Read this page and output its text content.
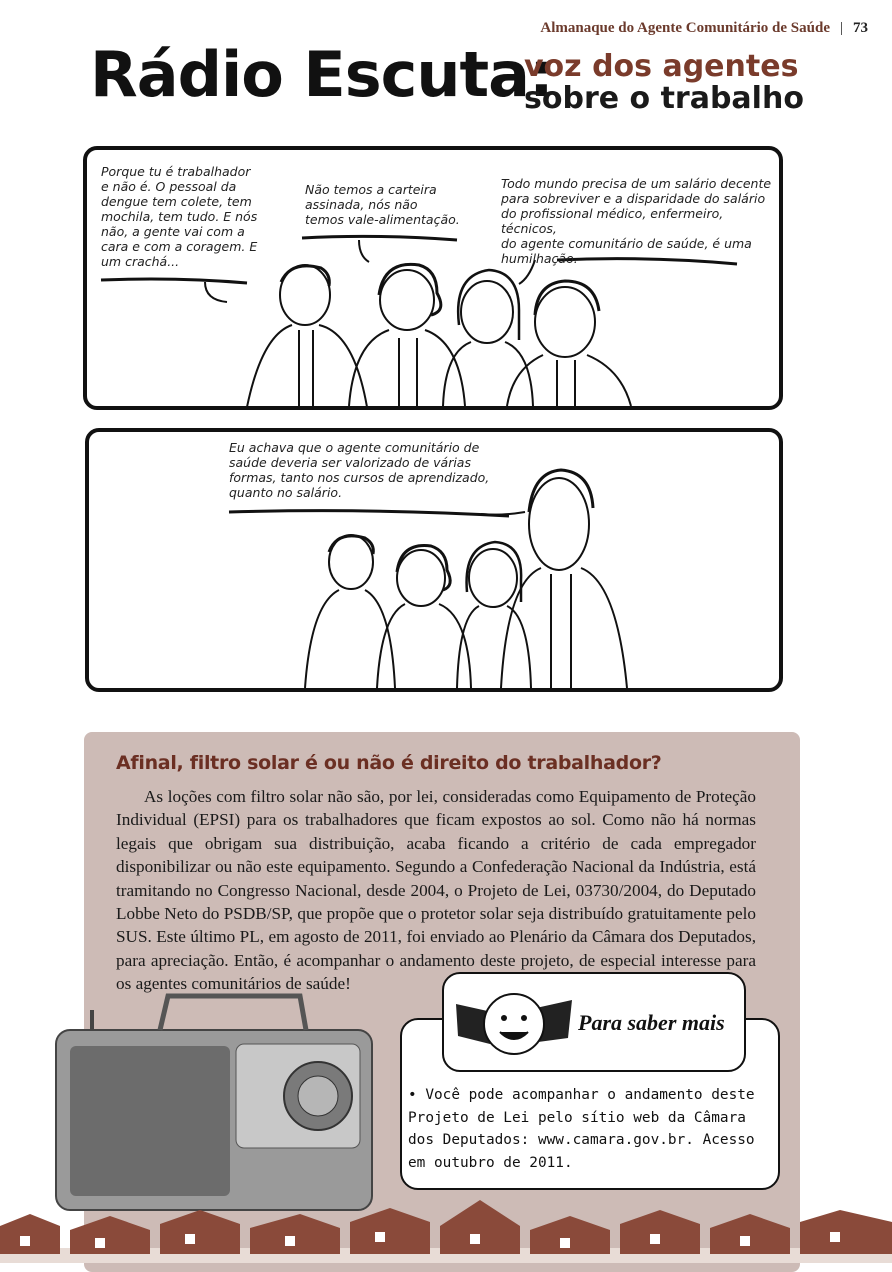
Almanaque do Agente Comunitário de Saúde | 73
Rádio Escuta:
voz dos agentes
sobre o trabalho
Porque tu é trabalhador
e não é. O pessoal da
dengue tem colete, tem
mochila, tem tudo. E nós
não, a gente vai com a
cara e com a coragem. E
um crachá...
Não temos a carteira
assinada, nós não
temos vale-alimentação.
Todo mundo precisa de um salário decente
para sobreviver e a disparidade do salário
do profissional médico, enfermeiro, técnicos,
do agente comunitário de saúde, é uma
humilhação.
Eu achava que o agente comunitário de
saúde deveria ser valorizado de várias
formas, tanto nos cursos de aprendizado,
quanto no salário.
Afinal, filtro solar é ou não é direito do trabalhador?
As loções com filtro solar não são, por lei, consideradas como Equipamento de Proteção Individual (EPSI) para os trabalhadores que ficam expostos ao sol. Como não há normas legais que obrigam sua distribuição, acaba ficando a critério de cada empregador disponibilizar ou não este equipamento. Segundo a Confederação Nacional da Indústria, está tramitando no Congresso Nacional, desde 2004, o Projeto de Lei, 03730/2004, do Deputado Lobbe Neto do PSDB/SP, que propõe que o protetor solar seja distribuído gratuitamente pelo SUS. Este último PL, em agosto de 2011, foi enviado ao Plenário da Câmara dos Deputados, para apreciação. Então, é acompanhar o andamento deste projeto, de especial interesse para os agentes comunitários de saúde!
Para saber mais
• Você pode acompanhar o andamento deste Projeto de Lei pelo sítio web da Câmara dos Deputados: www.camara.gov.br. Acesso em outubro de 2011.
